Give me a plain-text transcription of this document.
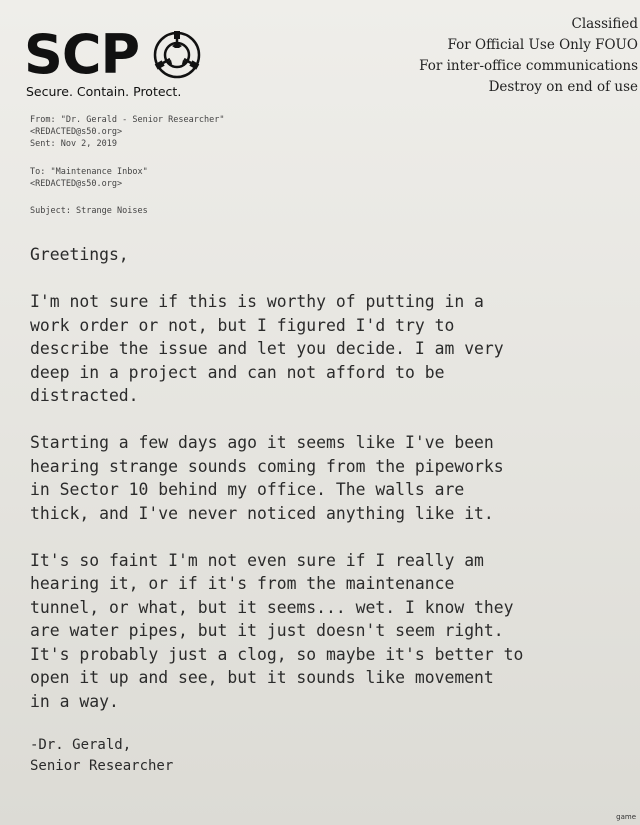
SCP
Secure. Contain. Protect.
Classified
For Official Use Only FOUO
For inter-office communications
Destroy on end of use
From: "Dr. Gerald - Senior Researcher"
<REDACTED@s50.org>
Sent: Nov 2, 2019
To: "Maintenance Inbox"
<REDACTED@s50.org>
Subject: Strange Noises
Greetings,
I'm not sure if this is worthy of putting in a
work order or not, but I figured I'd try to
describe the issue and let you decide. I am very
deep in a project and can not afford to be
distracted.
Starting a few days ago it seems like I've been
hearing strange sounds coming from the pipeworks
in Sector 10 behind my office. The walls are
thick, and I've never noticed anything like it.
It's so faint I'm not even sure if I really am
hearing it, or if it's from the maintenance
tunnel, or what, but it seems... wet. I know they
are water pipes, but it just doesn't seem right.
It's probably just a clog, so maybe it's better to
open it up and see, but it sounds like movement
in a way.
-Dr. Gerald,
Senior Researcher
game
